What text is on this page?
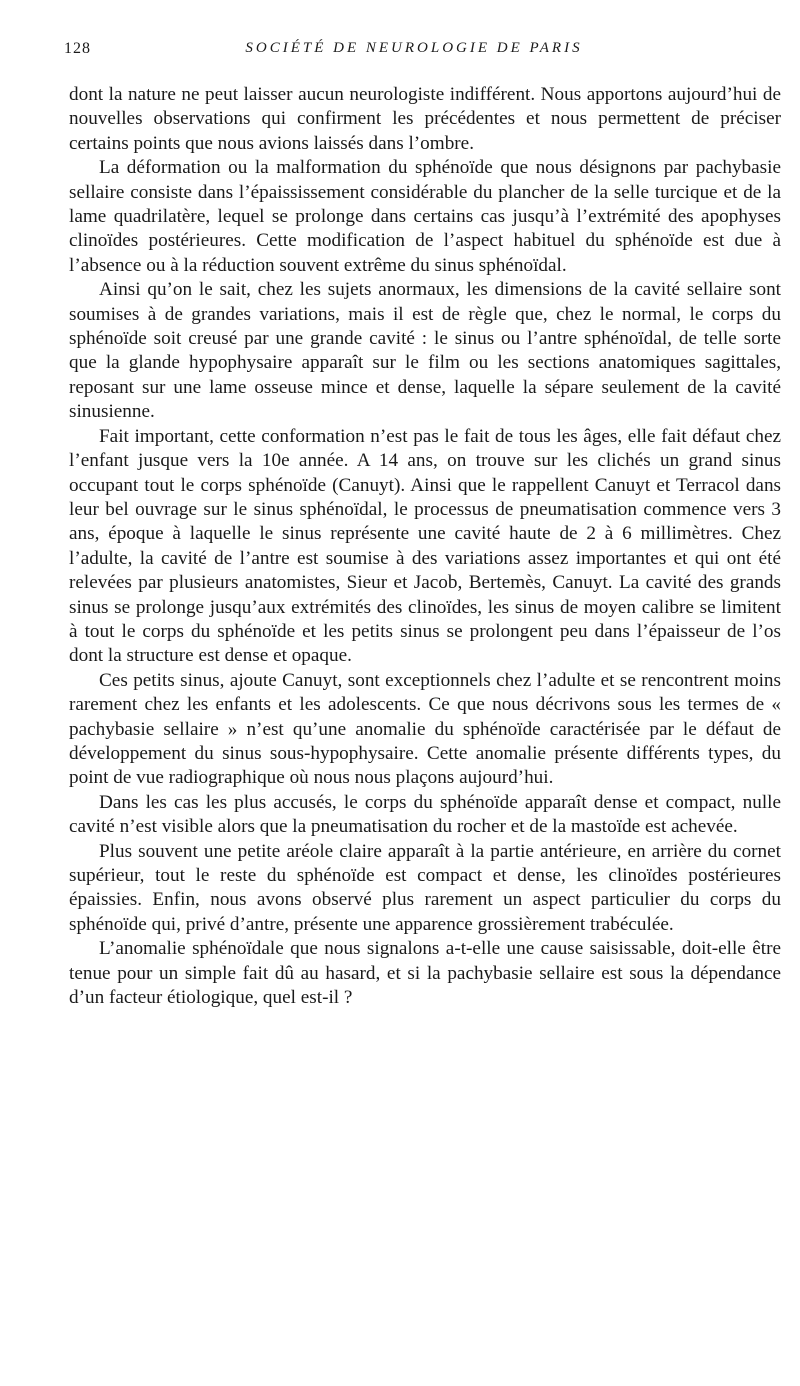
128	SOCIÉTÉ DE NEUROLOGIE DE PARIS

dont la nature ne peut laisser aucun neurologiste indifférent. Nous apportons aujourd’hui de nouvelles observations qui confirment les précédentes et nous permettent de préciser certains points que nous avions laissés dans l’ombre.

La déformation ou la malformation du sphénoïde que nous désignons par pachybasie sellaire consiste dans l’épaississement considérable du plancher de la selle turcique et de la lame quadrilatère, lequel se prolonge dans certains cas jusqu’à l’extrémité des apophyses clinoïdes postérieures. Cette modification de l’aspect habituel du sphénoïde est due à l’absence ou à la réduction souvent extrême du sinus sphénoïdal.

Ainsi qu’on le sait, chez les sujets anormaux, les dimensions de la cavité sellaire sont soumises à de grandes variations, mais il est de règle que, chez le normal, le corps du sphénoïde soit creusé par une grande cavité : le sinus ou l’antre sphénoïdal, de telle sorte que la glande hypophysaire apparaît sur le film ou les sections anatomiques sagittales, reposant sur une lame osseuse mince et dense, laquelle la sépare seulement de la cavité sinusienne.

Fait important, cette conformation n’est pas le fait de tous les âges, elle fait défaut chez l’enfant jusque vers la 10e année. A 14 ans, on trouve sur les clichés un grand sinus occupant tout le corps sphénoïde (Canuyt). Ainsi que le rappellent Canuyt et Terracol dans leur bel ouvrage sur le sinus sphénoïdal, le processus de pneumatisation commence vers 3 ans, époque à laquelle le sinus représente une cavité haute de 2 à 6 millimètres. Chez l’adulte, la cavité de l’antre est soumise à des variations assez importantes et qui ont été relevées par plusieurs anatomistes, Sieur et Jacob, Bertemès, Canuyt. La cavité des grands sinus se prolonge jusqu’aux extrémités des clinoïdes, les sinus de moyen calibre se limitent à tout le corps du sphénoïde et les petits sinus se prolongent peu dans l’épaisseur de l’os dont la structure est dense et opaque.

Ces petits sinus, ajoute Canuyt, sont exceptionnels chez l’adulte et se rencontrent moins rarement chez les enfants et les adolescents. Ce que nous décrivons sous les termes de « pachybasie sellaire » n’est qu’une anomalie du sphénoïde caractérisée par le défaut de développement du sinus sous-hypophysaire. Cette anomalie présente différents types, du point de vue radiographique où nous nous plaçons aujourd’hui.

Dans les cas les plus accusés, le corps du sphénoïde apparaît dense et compact, nulle cavité n’est visible alors que la pneumatisation du rocher et de la mastoïde est achevée.

Plus souvent une petite aréole claire apparaît à la partie antérieure, en arrière du cornet supérieur, tout le reste du sphénoïde est compact et dense, les clinoïdes postérieures épaissies. Enfin, nous avons observé plus rarement un aspect particulier du corps du sphénoïde qui, privé d’antre, présente une apparence grossièrement trabéculée.

L’anomalie sphénoïdale que nous signalons a-t-elle une cause saisissable, doit-elle être tenue pour un simple fait dû au hasard, et si la pachybasie sellaire est sous la dépendance d’un facteur étiologique, quel est-il ?
